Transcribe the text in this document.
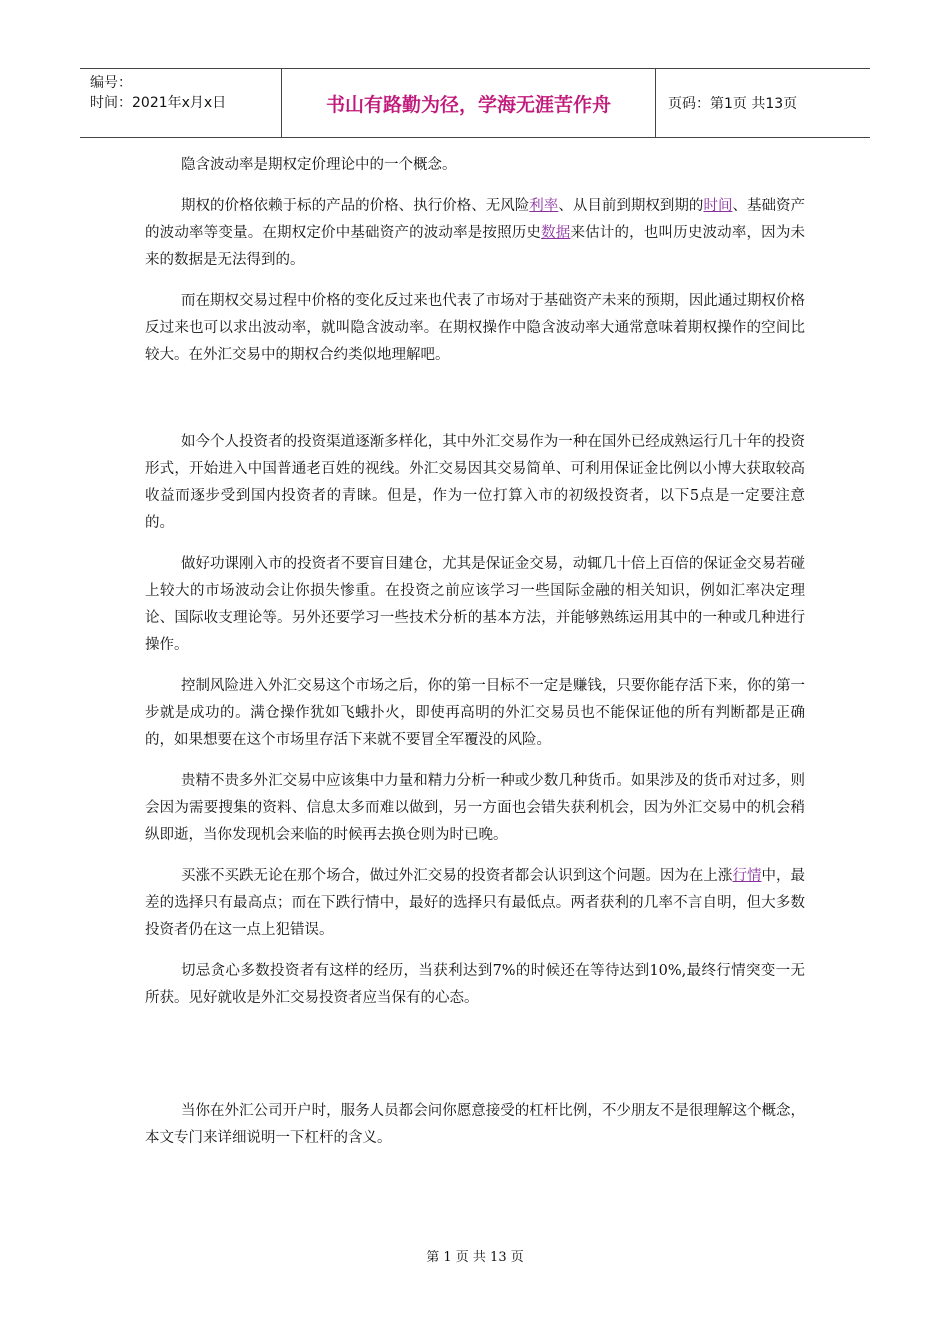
编号：
时间：2021年x月x日	书山有路勤为径，学海无涯苦作舟	页码：第1页 共13页

隐含波动率是期权定价理论中的一个概念。

期权的价格依赖于标的产品的价格、执行价格、无风险利率、从目前到期权到期的时间、基础资产的波动率等变量。在期权定价中基础资产的波动率是按照历史数据来估计的，也叫历史波动率，因为未来的数据是无法得到的。

而在期权交易过程中价格的变化反过来也代表了市场对于基础资产未来的预期，因此通过期权价格反过来也可以求出波动率，就叫隐含波动率。在期权操作中隐含波动率大通常意味着期权操作的空间比较大。在外汇交易中的期权合约类似地理解吧。

如今个人投资者的投资渠道逐渐多样化，其中外汇交易作为一种在国外已经成熟运行几十年的投资形式，开始进入中国普通老百姓的视线。外汇交易因其交易简单、可利用保证金比例以小博大获取较高收益而逐步受到国内投资者的青睐。但是，作为一位打算入市的初级投资者，以下5点是一定要注意的。

做好功课刚入市的投资者不要盲目建仓，尤其是保证金交易，动辄几十倍上百倍的保证金交易若碰上较大的市场波动会让你损失惨重。在投资之前应该学习一些国际金融的相关知识，例如汇率决定理论、国际收支理论等。另外还要学习一些技术分析的基本方法，并能够熟练运用其中的一种或几种进行操作。

控制风险进入外汇交易这个市场之后，你的第一目标不一定是赚钱，只要你能存活下来，你的第一步就是成功的。满仓操作犹如飞蛾扑火，即使再高明的外汇交易员也不能保证他的所有判断都是正确的，如果想要在这个市场里存活下来就不要冒全军覆没的风险。

贵精不贵多外汇交易中应该集中力量和精力分析一种或少数几种货币。如果涉及的货币对过多，则会因为需要搜集的资料、信息太多而难以做到，另一方面也会错失获利机会，因为外汇交易中的机会稍纵即逝，当你发现机会来临的时候再去换仓则为时已晚。

买涨不买跌无论在那个场合，做过外汇交易的投资者都会认识到这个问题。因为在上涨行情中，最差的选择只有最高点；而在下跌行情中，最好的选择只有最低点。两者获利的几率不言自明，但大多数投资者仍在这一点上犯错误。

切忌贪心多数投资者有这样的经历，当获利达到7%的时候还在等待达到10%,最终行情突变一无所获。见好就收是外汇交易投资者应当保有的心态。

当你在外汇公司开户时，服务人员都会问你愿意接受的杠杆比例，不少朋友不是很理解这个概念，本文专门来详细说明一下杠杆的含义。

第 1 页 共 13 页
